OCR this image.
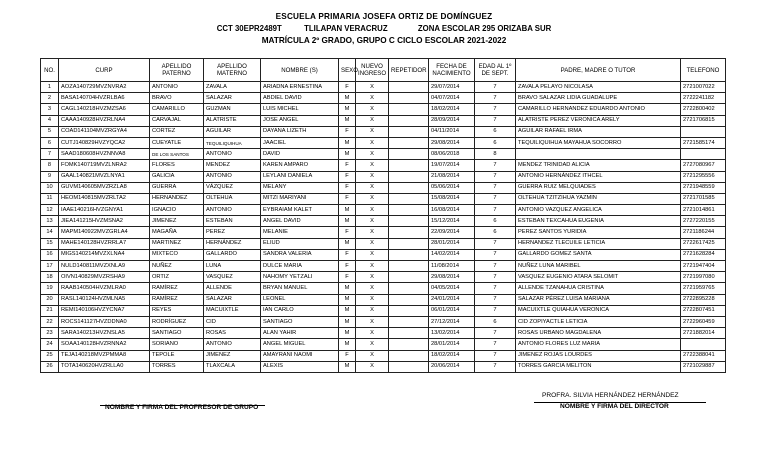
ESCUELA PRIMARIA JOSEFA ORTIZ DE DOMÍNGUEZ
CCT 30EPR2489T	TLILAPAN VERACRUZ	ZONA ESCOLAR 295 ORIZABA SUR
MATRÍCULA 2º GRADO, GRUPO C CICLO ESCOLAR 2021-2022
NO.	CURP	APELLIDO PATERNO	APELLIDO MATERNO	NOMBRE (S)	SEXO	NUEVO INGRESO	REPETIDOR	FECHA DE NACIMIENTO	EDAD AL 1º DE SEPT.	PADRE, MADRE O TUTOR	TELEFONO
1	AOZA140729MVZNVRA2	ANTONIO	ZAVALA	ARIADNA ERNESTINA	F	X		29/07/2014	7	ZAVALA PELAYO NICOLASA	2721007022
2	BASA140704HVZRLBA6	BRAVO	SALAZAR	ABDIEL DAVID	M	X		04/07/2014	7	BRAVO SALAZAR LIDIA GUADALUPE	2722241182
3	CAGL140218HVZMZSA6	CAMARILLO	GUZMAN	LUIS MICHEL	M	X		18/02/2014	7	CAMARILLO HERNANDEZ EDUARDO ANTONIO	2722800402
4	CAAA140928HVZRLNA4	CARVAJAL	ALATRISTE	JOSE ANGEL	M	X		28/09/2014	7	ALATRISTE PEREZ VERONICA ARELY	2721706815
5	COAD141104MVZRGYA4	CORTEZ	AGUILAR	DAYANA LIZETH	F	X		04/11/2014	6	AGUILAR RAFAEL IRMA	
6	CUTJ140829HVZYQCA2	CUEYATLE	TEQUILIQUIHUA	JAACIEL	M	X		29/08/2014	6	TEQUILIQUIHUA MAYAHUA SOCORRO	2721585174
7	SAAD180608HVZNNVA8	DE LOS SANTOS	ANTONIO	DAVID	M	X		08/06/2018	8		
8	FOMK140719MVZLNRA2	FLORES	MENDEZ	KAREN AMPARO	F	X		19/07/2014	7	MENDEZ TRINIDAD ALICIA	2727080967
9	GAAL140821MVZLNYA1	GALICIA	ANTONIO	LEYLANI DANIELA	F	X		21/08/2014	7	ANTONIO HERNÁNDEZ ITHCEL	2721295556
10	GUVM140605MVZRZLA8	GUERRA	VÁZQUEZ	MELANY	F	X		05/06/2014	7	GUERRA RUIZ MELQUIADES	2721948559
11	HEOM140815MVZRLTA2	HERNANDEZ	OLTEHUA	MITZI MARIYANI	F	X		15/08/2014	7	OLTEHUA TZITZIHUA YAZMIN	2721701585
12	IAAE140216HVZGNYA1	IGNACIO	ANTONIO	EYBRAIAM KALET	M	X		16/08/2014	7	ANTONIO VAZQUEZ ANGELICA	2721014861
13	JIEA141215HVZMSNA2	JIMENEZ	ESTEBAN	ANGEL DAVID	M	X		15/12/2014	6	ESTEBAN TEXCAHUA EUGENIA	2727220155
14	MAPM140922MVZGRLA4	MAGAÑA	PEREZ	MELANIE	F	X		22/09/2014	6	PEREZ SANTOS YURIDIA	2721186244
15	MAHE140128HVZRRLA7	MARTINEZ	HERNÁNDEZ	ELIUD	M	X		28/01/2014	7	HERNANDEZ TLECUILE LETICIA	2722617425
16	MIGS140214MVZXLNA4	MIXTECO	GALLARDO	SANDRA VALERIA	F	X		14/02/2014	7	GALLARDO GOMEZ SANTA	2721628284
17	NULD140811MVZXNLA9	NUÑEZ	LUNA	DULCE MARIA	F	X		11/08/2014	7	NUÑEZ LUNA MARIBEL	2721947404
18	OIVN140829MVZRSHA9	ORTIZ	VASQUEZ	NAHOMY YETZALI	F	X		29/08/2014	7	VASQUEZ EUGENIO ATARA SELOMIT	2721997080
19	RAAB140504HVZMLRA0	RAMÍREZ	ALLENDE	BRYAN MANUEL	M	X		04/05/2014	7	ALLENDE TZANAHUA CRISTINA	2721959765
20	RASL140124HVZMLNA5	RAMÍREZ	SALAZAR	LEONEL	M	X		24/01/2014	7	SALAZAR PÉREZ LUISA MARIANA	2722895228
21	REMI140106HVZYCNA7	REYES	MACUIXTLE	IAN CARLO	M	X		06/01/2014	7	MACUIXTLE QUIAHUA VERONICA	2722807451
22	ROCS141127HVZDDNA0	RODRÍGUEZ	CID	SANTIAGO	M	X		27/12/2014	6	CID ZOPIYACTLE LETICIA	2722960459
23	SARA140213HVZNSLA5	SANTIAGO	ROSAS	ALAN YAHIR	M	X		13/02/2014	7	ROSAS URBANO MAGDALENA	2721882014
24	SOAA140128HVZRNNA2	SORIANO	ANTONIO	ANGEL MIGUEL	M	X		28/01/2014	7	ANTONIO FLORES LUZ MARIA	
25	TEJA140218MVZPMMA8	TEPOLE	JIMENEZ	AMAYRANI NAOMI	F	X		18/02/2014	7	JIMENEZ ROJAS LOURDES	2722388041
26	TOTA140620HVZRLLA0	TORRES	TLAXCALA	ALEXIS	M	X		20/06/2014	7	TORRES GARCIA MELITON	2721029887
NOMBRE Y FIRMA DEL PROFRESOR DE GRUPO
PROFRA. SILVIA HERNÁNDEZ HERNÁNDEZ
NOMBRE Y FIRMA DEL DIRECTOR
